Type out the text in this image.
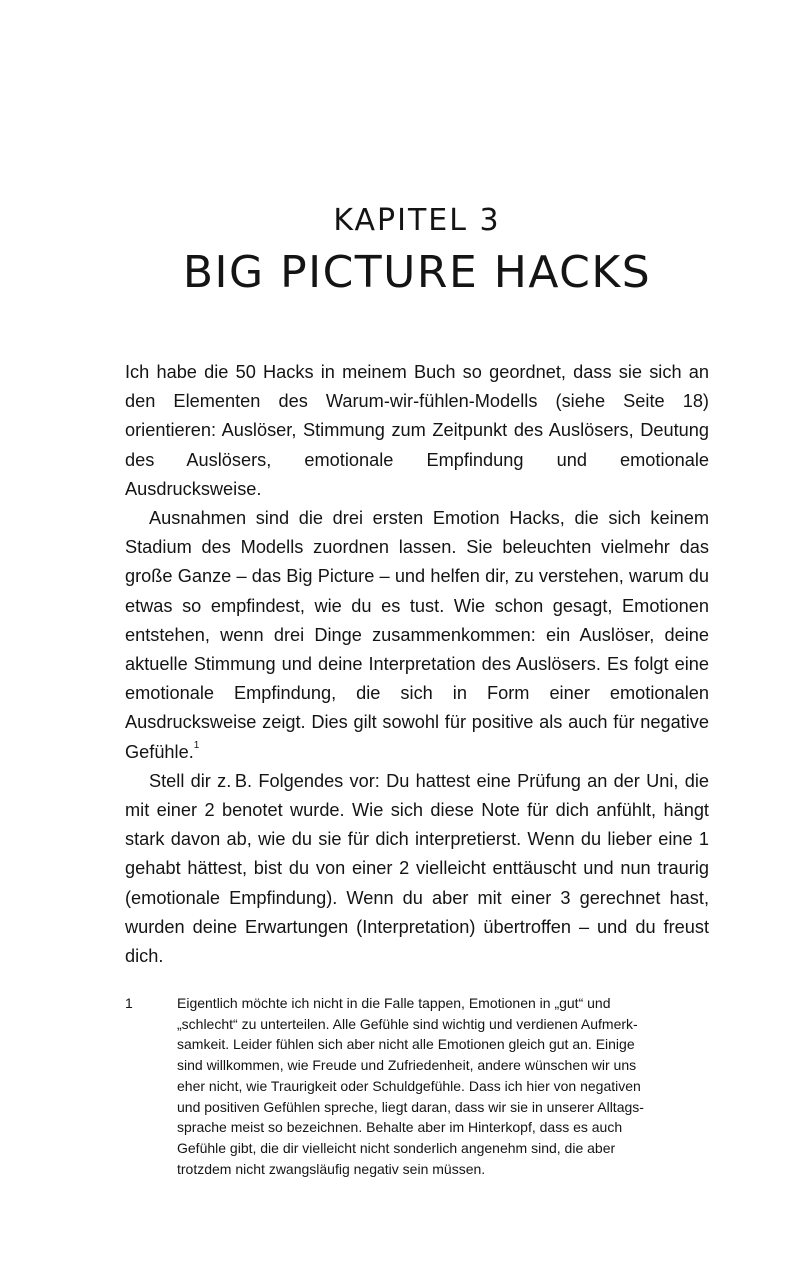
KAPITEL 3
BIG PICTURE HACKS

Ich habe die 50 Hacks in meinem Buch so geordnet, dass sie sich an den Elementen des Warum-wir-fühlen-Modells (siehe Seite 18) orientieren: Auslöser, Stimmung zum Zeitpunkt des Auslösers, Deutung des Auslösers, emotionale Empfindung und emotionale Ausdrucksweise.

Ausnahmen sind die drei ersten Emotion Hacks, die sich keinem Stadium des Modells zuordnen lassen. Sie beleuchten vielmehr das große Ganze – das Big Picture – und helfen dir, zu verstehen, warum du etwas so empfindest, wie du es tust. Wie schon gesagt, Emotionen entstehen, wenn drei Dinge zusammenkommen: ein Auslöser, deine aktuelle Stimmung und deine Interpretation des Auslösers. Es folgt eine emotionale Empfindung, die sich in Form einer emotionalen Ausdrucksweise zeigt. Dies gilt sowohl für positive als auch für negative Gefühle.$^1$

Stell dir z. B. Folgendes vor: Du hattest eine Prüfung an der Uni, die mit einer 2 benotet wurde. Wie sich diese Note für dich anfühlt, hängt stark davon ab, wie du sie für dich interpretierst. Wenn du lieber eine 1 gehabt hättest, bist du von einer 2 vielleicht enttäuscht und nun traurig (emotionale Empfindung). Wenn du aber mit einer 3 gerechnet hast, wurden deine Erwartungen (Interpretation) übertroffen – und du freust dich.

1	Eigentlich möchte ich nicht in die Falle tappen, Emotionen in „gut“ und „schlecht“ zu unterteilen. Alle Gefühle sind wichtig und verdienen Aufmerksamkeit. Leider fühlen sich aber nicht alle Emotionen gleich gut an. Einige sind willkommen, wie Freude und Zufriedenheit, andere wünschen wir uns eher nicht, wie Traurigkeit oder Schuldgefühle. Dass ich hier von negativen und positiven Gefühlen spreche, liegt daran, dass wir sie in unserer Alltagssprache meist so bezeichnen. Behalte aber im Hinterkopf, dass es auch Gefühle gibt, die dir vielleicht nicht sonderlich angenehm sind, die aber trotzdem nicht zwangsläufig negativ sein müssen.
